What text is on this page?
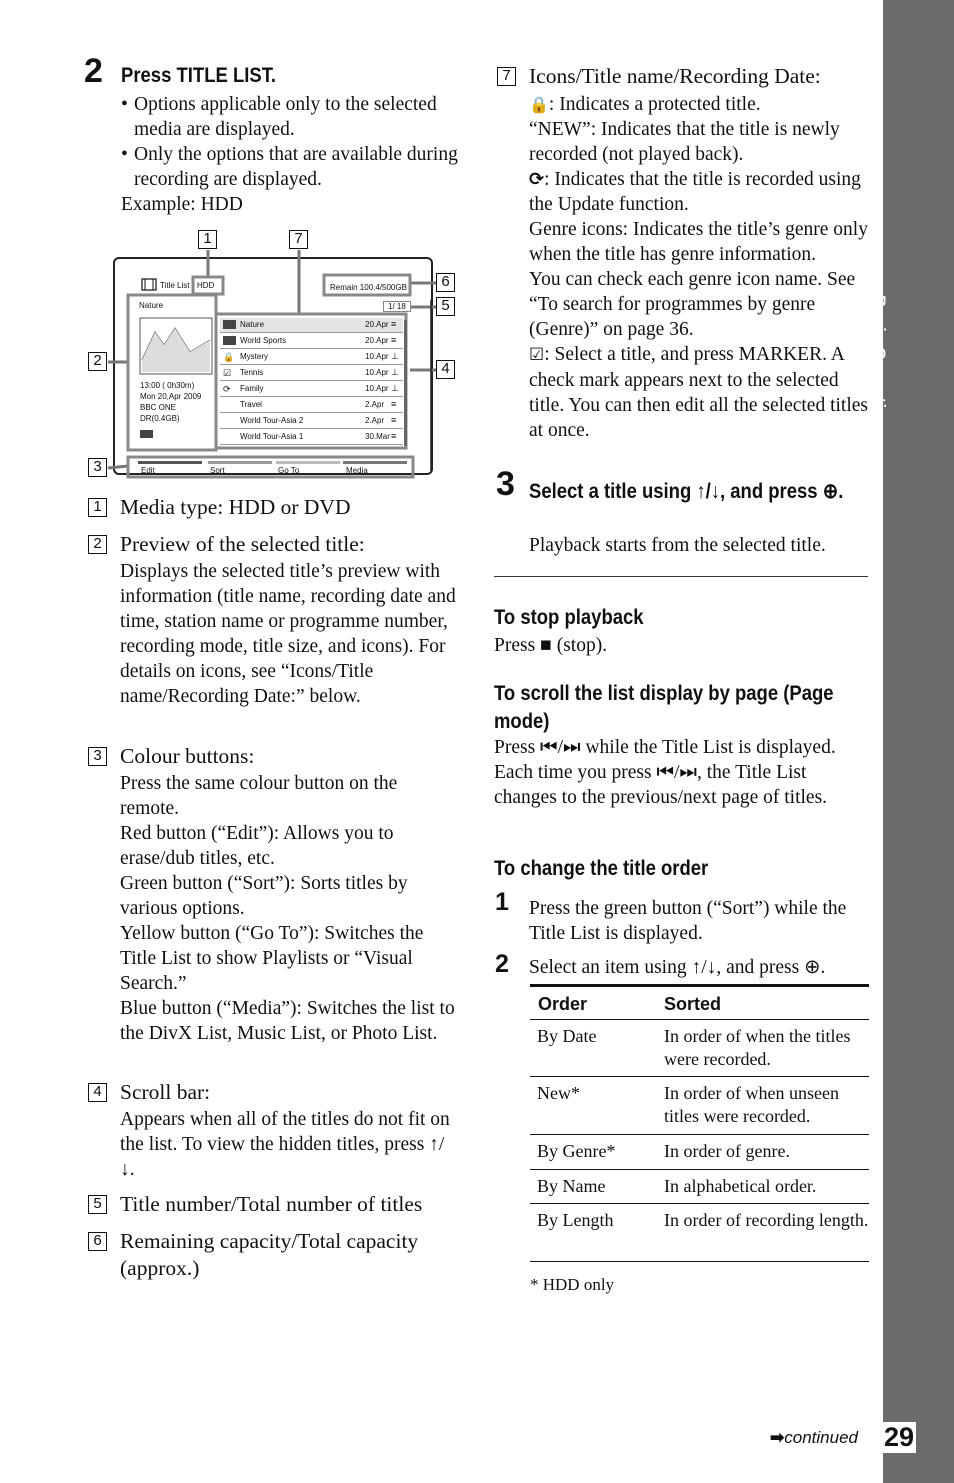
Basic Operations
2 Press TITLE LIST.
• Options applicable only to the selected media are displayed.
• Only the options that are available during recording are displayed.
Example: HDD
1	7
6
5
2	4
3
Title List HDD	Remain 100.4/500GB
1/ 18
Nature
13:00 ( 0h30m)
Mon 20,Apr 2009
BBC ONE
DR(0.4GB)
Nature	20.Apr ≡
World Sports	20.Apr ≡
🔒 Mystery	10.Apr ⊥
☑	Tennis	10.Apr ⊥
⟳	Family	10.Apr ⊥
Travel	2.Apr ≡
World Tour-Asia 2	2.Apr ≡
World Tour-Asia 1	30.Mar ≡
Edit	Sort	Go To	Media
1 Media type: HDD or DVD
2 Preview of the selected title:
Displays the selected title’s preview with information (title name, recording date and time, station name or programme number, recording mode, title size, and icons). For details on icons, see “Icons/Title name/Recording Date:” below.
3 Colour buttons:
Press the same colour button on the remote.
Red button (“Edit”): Allows you to erase/dub titles, etc.
Green button (“Sort”): Sorts titles by various options.
Yellow button (“Go To”): Switches the Title List to show Playlists or “Visual Search.”
Blue button (“Media”): Switches the list to the DivX List, Music List, or Photo List.
4 Scroll bar:
Appears when all of the titles do not fit on the list. To view the hidden titles, press ↑/↓.
5 Title number/Total number of titles
6 Remaining capacity/Total capacity (approx.)
7 Icons/Title name/Recording Date:
🔒: Indicates a protected title.
“NEW”: Indicates that the title is newly recorded (not played back).
⟳: Indicates that the title is recorded using the Update function.
Genre icons: Indicates the title’s genre only when the title has genre information.
You can check each genre icon name. See “To search for programmes by genre (Genre)” on page 36.
☑: Select a title, and press MARKER. A check mark appears next to the selected title. You can then edit all the selected titles at once.
3 Select a title using ↑/↓, and press ⊕.
Playback starts from the selected title.
To stop playback
Press ■ (stop).
To scroll the list display by page (Page mode)
Press ⏮/⏭ while the Title List is displayed. Each time you press ⏮/⏭, the Title List changes to the previous/next page of titles.
To change the title order
1 Press the green button (“Sort”) while the Title List is displayed.
2 Select an item using ↑/↓, and press ⊕.
Order	Sorted
By Date	In order of when the titles were recorded.
New*	In order of when unseen titles were recorded.
By Genre*	In order of genre.
By Name	In alphabetical order.
By Length	In order of recording length.
* HDD only
➡continued 29
